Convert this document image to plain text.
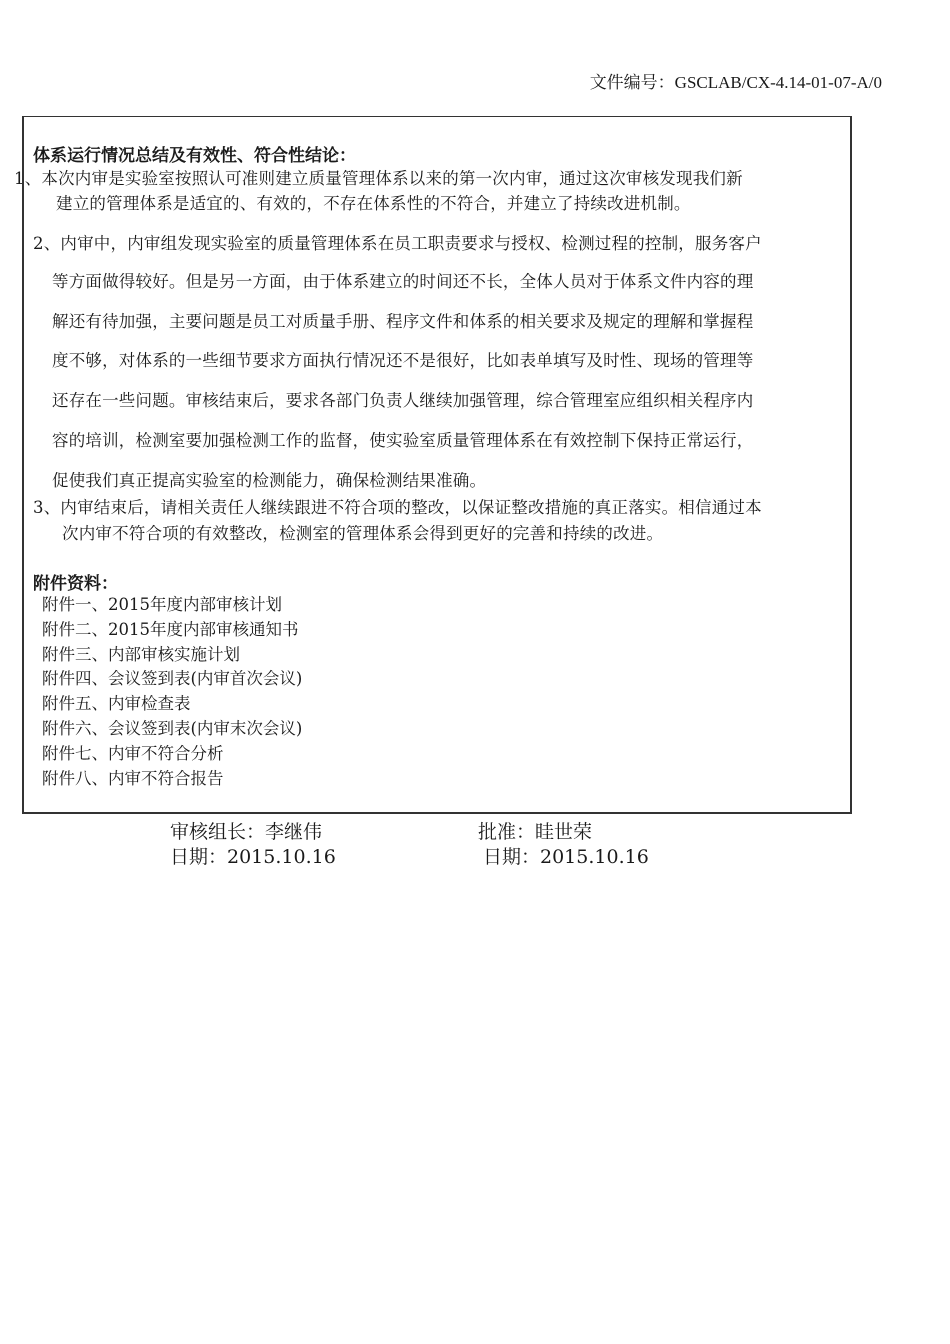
文件编号：GSCLAB/CX-4.14-01-07-A/0
体系运行情况总结及有效性、符合性结论：
1、本次内审是实验室按照认可准则建立质量管理体系以来的第一次内审，通过这次审核发现我们新
建立的管理体系是适宜的、有效的，不存在体系性的不符合，并建立了持续改进机制。
2、内审中，内审组发现实验室的质量管理体系在员工职责要求与授权、检测过程的控制，服务客户
等方面做得较好。但是另一方面，由于体系建立的时间还不长，全体人员对于体系文件内容的理
解还有待加强，主要问题是员工对质量手册、程序文件和体系的相关要求及规定的理解和掌握程
度不够，对体系的一些细节要求方面执行情况还不是很好，比如表单填写及时性、现场的管理等
还存在一些问题。审核结束后，要求各部门负责人继续加强管理，综合管理室应组织相关程序内
容的培训，检测室要加强检测工作的监督，使实验室质量管理体系在有效控制下保持正常运行，
促使我们真正提高实验室的检测能力，确保检测结果准确。
3、内审结束后，请相关责任人继续跟进不符合项的整改，以保证整改措施的真正落实。相信通过本
次内审不符合项的有效整改，检测室的管理体系会得到更好的完善和持续的改进。
附件资料：
附件一、2015年度内部审核计划
附件二、2015年度内部审核通知书
附件三、内部审核实施计划
附件四、会议签到表(内审首次会议)
附件五、内审检查表
附件六、会议签到表(内审末次会议)
附件七、内审不符合分析
附件八、内审不符合报告
审核组长：李继伟
日期：2015.10.16
批准：眭世荣
日期：2015.10.16
